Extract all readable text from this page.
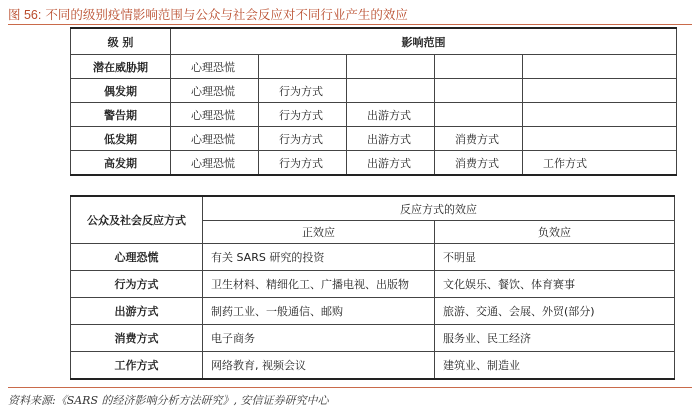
图 56: 不同的级别疫情影响范围与公众与社会反应对不同行业产生的效应
级 别	影响范围				
潜在威胁期	心理恐慌				
偶发期	心理恐慌	行为方式			
警告期	心理恐慌	行为方式	出游方式		
低发期	心理恐慌	行为方式	出游方式	消费方式	
高发期	心理恐慌	行为方式	出游方式	消费方式	工作方式
公众及社会反应方式	反应方式的效应	
	正效应	负效应
心理恐慌	有关 SARS 研究的投资	不明显
行为方式	卫生材料、精细化工、广播电视、出版物	文化娱乐、餐饮、体育赛事
出游方式	制药工业、一般通信、邮购	旅游、交通、会展、外贸(部分)
消费方式	电子商务	服务业、民工经济
工作方式	网络教育, 视频会议	建筑业、制造业
资料来源:《SARS 的经济影响分析方法研究》, 安信证券研究中心
